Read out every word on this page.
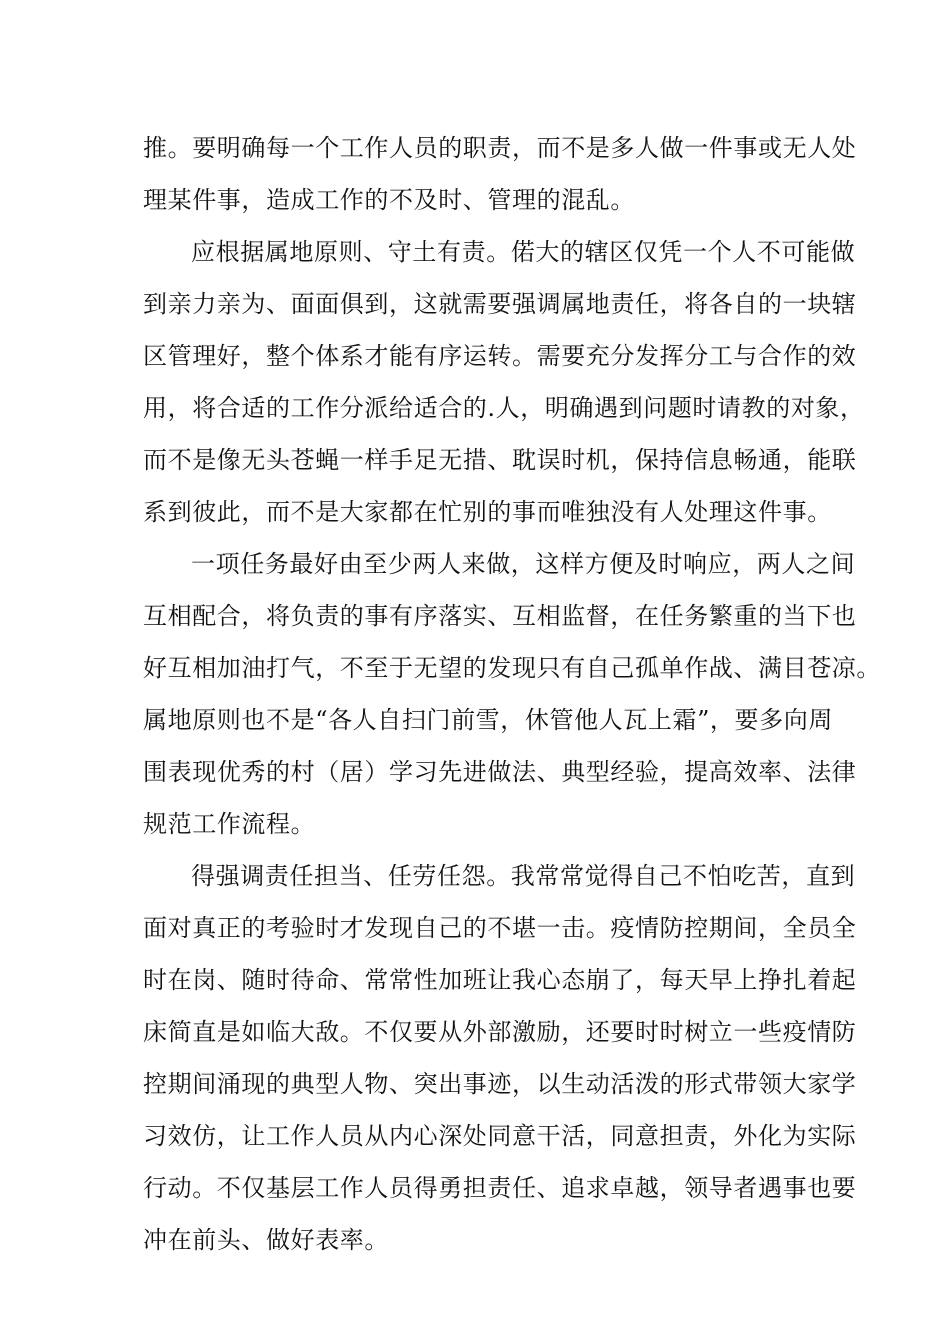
推。要明确每一个工作人员的职责，而不是多人做一件事或无人处
理某件事，造成工作的不及时、管理的混乱。
应根据属地原则、守土有责。偌大的辖区仅凭一个人不可能做
到亲力亲为、面面俱到，这就需要强调属地责任，将各自的一块辖
区管理好，整个体系才能有序运转。需要充分发挥分工与合作的效
用，将合适的工作分派给适合的.人，明确遇到问题时请教的对象，
而不是像无头苍蝇一样手足无措、耽误时机，保持信息畅通，能联
系到彼此，而不是大家都在忙别的事而唯独没有人处理这件事。
一项任务最好由至少两人来做，这样方便及时响应，两人之间
互相配合，将负责的事有序落实、互相监督，在任务繁重的当下也
好互相加油打气，不至于无望的发现只有自己孤单作战、满目苍凉。
属地原则也不是“各人自扫门前雪，休管他人瓦上霜”，要多向周
围表现优秀的村（居）学习先进做法、典型经验，提高效率、法律
规范工作流程。
得强调责任担当、任劳任怨。我常常觉得自己不怕吃苦，直到
面对真正的考验时才发现自己的不堪一击。疫情防控期间，全员全
时在岗、随时待命、常常性加班让我心态崩了，每天早上挣扎着起
床简直是如临大敌。不仅要从外部激励，还要时时树立一些疫情防
控期间涌现的典型人物、突出事迹，以生动活泼的形式带领大家学
习效仿，让工作人员从内心深处同意干活，同意担责，外化为实际
行动。不仅基层工作人员得勇担责任、追求卓越，领导者遇事也要
冲在前头、做好表率。
